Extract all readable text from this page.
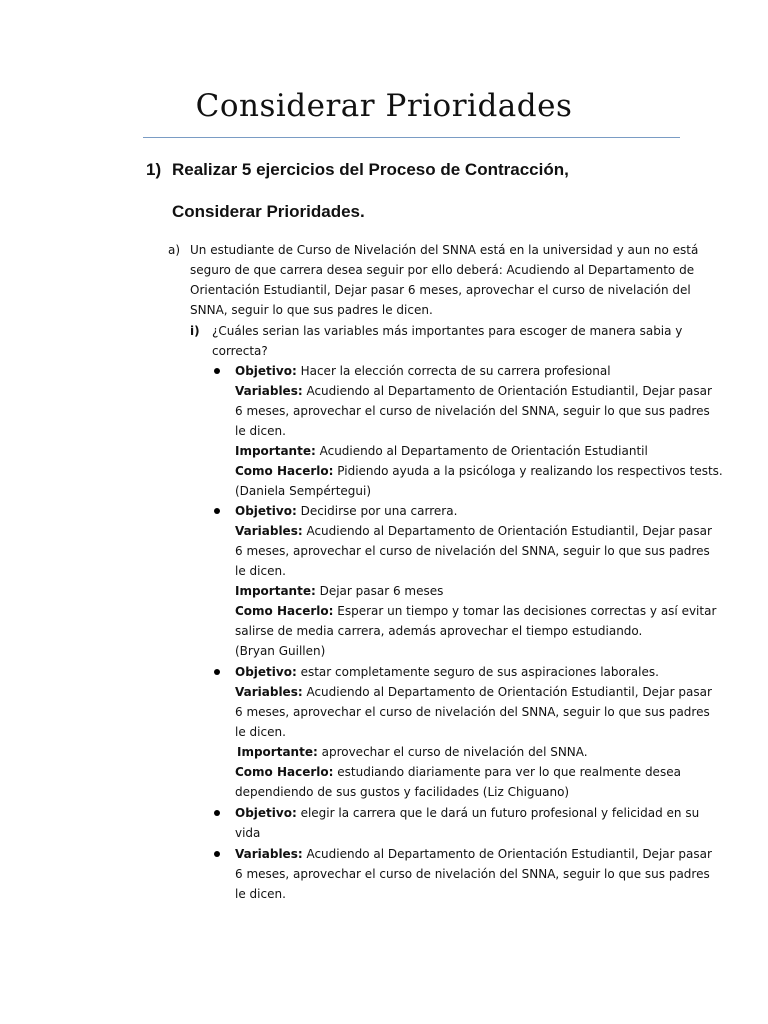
Considerar Prioridades
1) Realizar 5 ejercicios del Proceso de Contracción,
Considerar Prioridades.
a) Un estudiante de Curso de Nivelación del SNNA está en la universidad y aun no está
seguro de que carrera desea seguir por ello deberá: Acudiendo al Departamento de
Orientación Estudiantil, Dejar pasar 6 meses, aprovechar el curso de nivelación del
SNNA, seguir lo que sus padres le dicen.
i) ¿Cuáles serian las variables más importantes para escoger de manera sabia y
correcta?
Objetivo: Hacer la elección correcta de su carrera profesional
Variables: Acudiendo al Departamento de Orientación Estudiantil, Dejar pasar
6 meses, aprovechar el curso de nivelación del SNNA, seguir lo que sus padres
le dicen.
Importante: Acudiendo al Departamento de Orientación Estudiantil
Como Hacerlo: Pidiendo ayuda a la psicóloga y realizando los respectivos tests.
(Daniela Sempértegui)
Objetivo: Decidirse por una carrera.
Variables: Acudiendo al Departamento de Orientación Estudiantil, Dejar pasar
6 meses, aprovechar el curso de nivelación del SNNA, seguir lo que sus padres
le dicen.
Importante: Dejar pasar 6 meses
Como Hacerlo: Esperar un tiempo y tomar las decisiones correctas y así evitar
salirse de media carrera, además aprovechar el tiempo estudiando.
(Bryan Guillen)
Objetivo: estar completamente seguro de sus aspiraciones laborales.
Variables: Acudiendo al Departamento de Orientación Estudiantil, Dejar pasar
6 meses, aprovechar el curso de nivelación del SNNA, seguir lo que sus padres
le dicen.
Importante: aprovechar el curso de nivelación del SNNA.
Como Hacerlo: estudiando diariamente para ver lo que realmente desea
dependiendo de sus gustos y facilidades (Liz Chiguano)
Objetivo: elegir la carrera que le dará un futuro profesional y felicidad en su
vida
Variables: Acudiendo al Departamento de Orientación Estudiantil, Dejar pasar
6 meses, aprovechar el curso de nivelación del SNNA, seguir lo que sus padres
le dicen.
